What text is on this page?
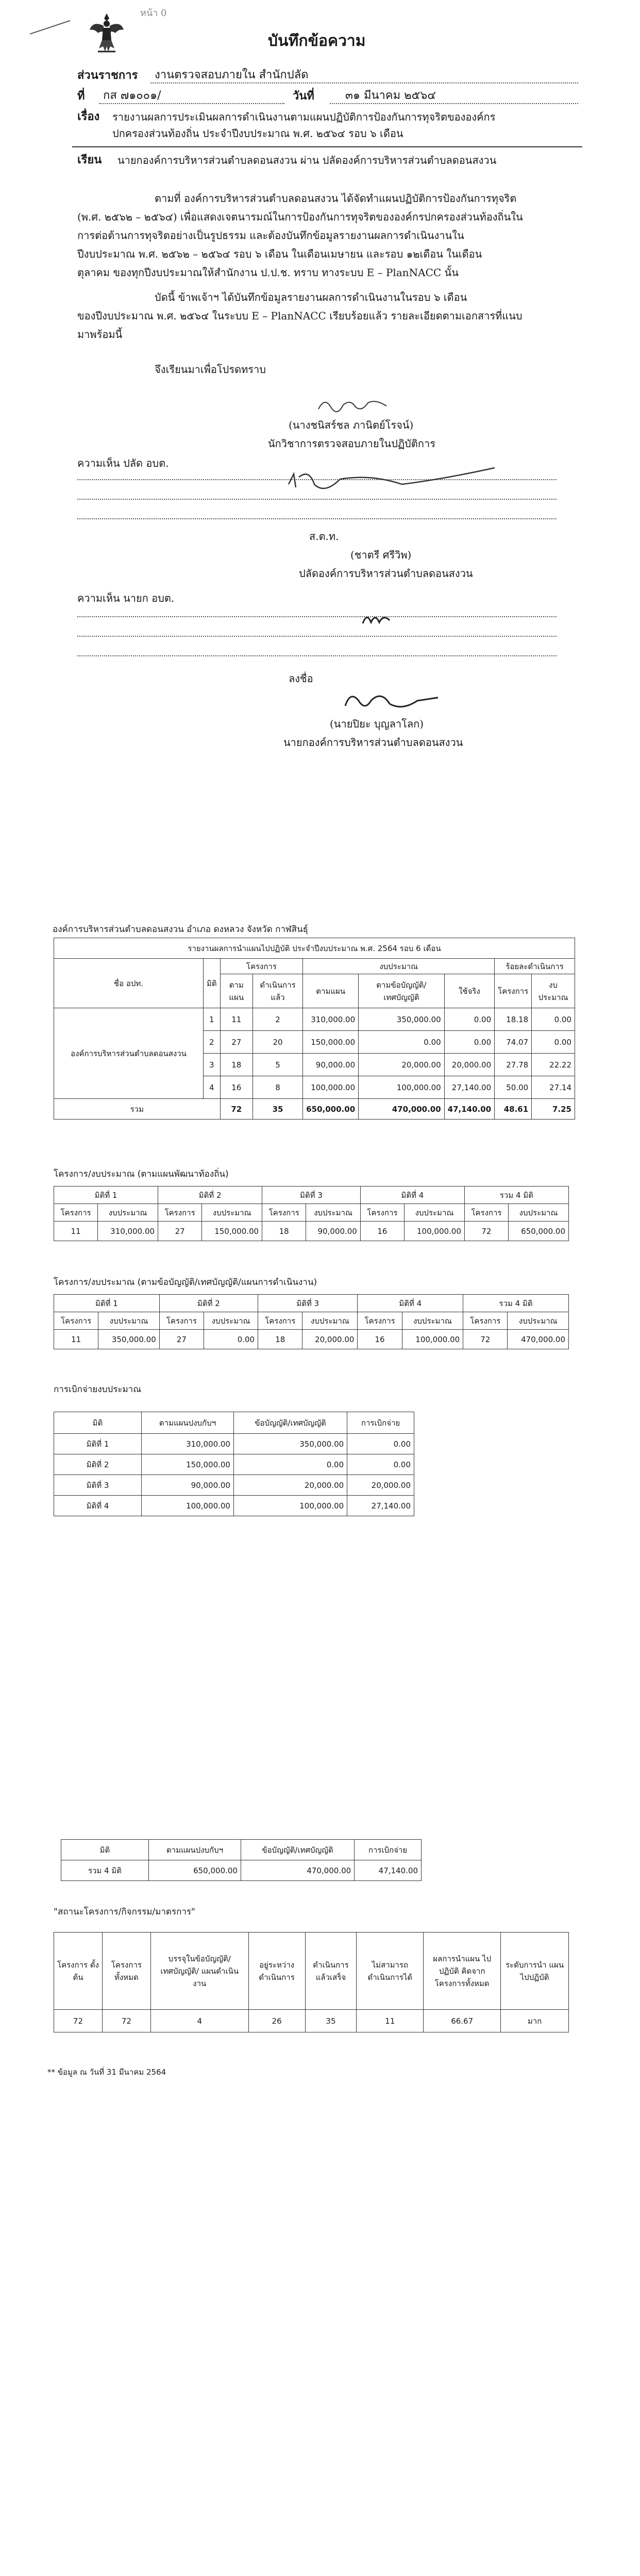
หน้า 0
บันทึกข้อความ
ส่วนราชการ งานตรวจสอบภายใน สำนักปลัด
ที่ กส ๗๑๐๐๑/	วันที่	๓๑ มีนาคม ๒๕๖๔
เรื่อง รายงานผลการประเมินผลการดำเนินงานตามแผนปฏิบัติการป้องกันการทุจริตขององค์กร
ปกครองส่วนท้องถิ่น ประจำปีงบประมาณ พ.ศ. ๒๕๖๔ รอบ ๖ เดือน
เรียน นายกองค์การบริหารส่วนตำบลดอนสงวน ผ่าน ปลัดองค์การบริหารส่วนตำบลดอนสงวน
ตามที่ องค์การบริหารส่วนตำบลดอนสงวน ได้จัดทำแผนปฏิบัติการป้องกันการทุจริต
(พ.ศ. ๒๕๖๒ – ๒๕๖๔) เพื่อแสดงเจตนารมณ์ในการป้องกันการทุจริตขององค์กรปกครองส่วนท้องถิ่นใน
การต่อต้านการทุจริตอย่างเป็นรูปธรรม และต้องบันทึกข้อมูลรายงานผลการดำเนินงานใน
ปีงบประมาณ พ.ศ. ๒๕๖๒ – ๒๕๖๔ รอบ ๖ เดือน ในเดือนเมษายน และรอบ ๑๒เดือน ในเดือน
ตุลาคม ของทุกปีงบประมาณให้สำนักงาน ป.ป.ช. ทราบ ทางระบบ E – PlanNACC นั้น
บัดนี้ ข้าพเจ้าฯ ได้บันทึกข้อมูลรายงานผลการดำเนินงานในรอบ ๖ เดือน
ของปีงบประมาณ พ.ศ. ๒๕๖๔ ในระบบ E – PlanNACC เรียบร้อยแล้ว รายละเอียดตามเอกสารที่แนบ
มาพร้อมนี้
จึงเรียนมาเพื่อโปรดทราบ
(นางชนิสร์ชล ภานิตย์โรจน์)
นักวิชาการตรวจสอบภายในปฏิบัติการ
ความเห็น ปลัด อบต.
ส.ต.ท.
(ชาตรี ศรีวิพ)
ปลัดองค์การบริหารส่วนตำบลดอนสงวน
ความเห็น นายก อบต.
ลงชื่อ
(นายปิยะ บุญลาโลก)
นายกองค์การบริหารส่วนตำบลดอนสงวน
องค์การบริหารส่วนตำบลดอนสงวน อำเภอ ดงหลวง จังหวัด กาฬสินธุ์
รายงานผลการนำแผนไปปฏิบัติ ประจำปีงบประมาณ พ.ศ. 2564 รอบ 6 เดือน								
ชื่อ อปท.	มิติ	โครงการ		งบประมาณ			ร้อยละดำเนินการ	
		ตามแผน	ดำเนินการแล้ว	ตามแผน	ตามข้อบัญญัติ/ เทศบัญญัติ	ใช้จริง	โครงการ	งบประมาณ
องค์การบริหารส่วนตำบลดอนสงวน	1	11	2	310,000.00	350,000.00	0.00	18.18	0.00
	2	27	20	150,000.00	0.00	0.00	74.07	0.00
	3	18	5	90,000.00	20,000.00	20,000.00	27.78	22.22
	4	16	8	100,000.00	100,000.00	27,140.00	50.00	27.14
รวม		72	35	650,000.00	470,000.00	47,140.00	48.61	7.25
โครงการ/งบประมาณ (ตามแผนพัฒนาท้องถิ่น)
มิติที่ 1		มิติที่ 2		มิติที่ 3		มิติที่ 4		รวม 4 มิติ	
โครงการ	งบประมาณ	โครงการ	งบประมาณ	โครงการ	งบประมาณ	โครงการ	งบประมาณ	โครงการ	งบประมาณ
11	310,000.00	27	150,000.00	18	90,000.00	16	100,000.00	72	650,000.00
โครงการ/งบประมาณ (ตามข้อบัญญัติ/เทศบัญญัติ/แผนการดำเนินงาน)
มิติที่ 1		มิติที่ 2		มิติที่ 3		มิติที่ 4		รวม 4 มิติ	
โครงการ	งบประมาณ	โครงการ	งบประมาณ	โครงการ	งบประมาณ	โครงการ	งบประมาณ	โครงการ	งบประมาณ
11	350,000.00	27	0.00	18	20,000.00	16	100,000.00	72	470,000.00
การเบิกจ่ายงบประมาณ
มิติ	ตามแผนปงบกับฯ	ข้อบัญญัติ/เทศบัญญัติ	การเบิกจ่าย
มิติที่ 1	310,000.00	350,000.00	0.00
มิติที่ 2	150,000.00	0.00	0.00
มิติที่ 3	90,000.00	20,000.00	20,000.00
มิติที่ 4	100,000.00	100,000.00	27,140.00
มิติ	ตามแผนปงบกับฯ	ข้อบัญญัติ/เทศบัญญัติ	การเบิกจ่าย
รวม 4 มิติ	650,000.00	470,000.00	47,140.00
"สถานะโครงการ/กิจกรรม/มาตรการ"
โครงการ ตั้งต้น	โครงการ ทั้งหมด	บรรจุในข้อบัญญัติ/ เทศบัญญัติ/ แผนดำเนินงาน	อยู่ระหว่าง ดำเนินการ	ดำเนินการ แล้วเสร็จ	ไม่สามารถ ดำเนินการได้	ผลการนำแผน ไปปฏิบัติ คิดจาก โครงการทั้งหมด	ระดับการนำ แผนไปปฏิบัติ
72	72	4	26	35	11	66.67	มาก
** ข้อมูล ณ วันที่ 31 มีนาคม 2564
